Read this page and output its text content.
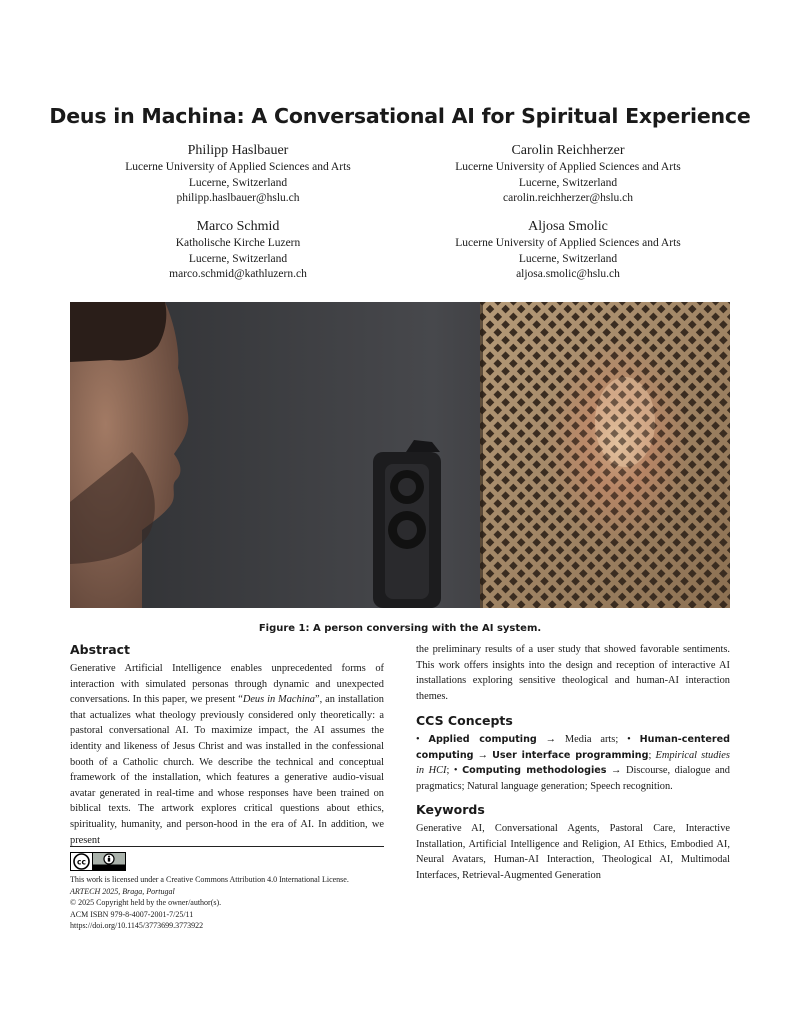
Deus in Machina: A Conversational AI for Spiritual Experience
Philipp Haslbauer
Lucerne University of Applied Sciences and Arts
Lucerne, Switzerland
philipp.haslbauer@hslu.ch
Carolin Reichherzer
Lucerne University of Applied Sciences and Arts
Lucerne, Switzerland
carolin.reichherzer@hslu.ch
Marco Schmid
Katholische Kirche Luzern
Lucerne, Switzerland
marco.schmid@kathluzern.ch
Aljosa Smolic
Lucerne University of Applied Sciences and Arts
Lucerne, Switzerland
aljosa.smolic@hslu.ch
Figure 1: A person conversing with the AI system.
Abstract
Generative Artificial Intelligence enables unprecedented forms of interaction with simulated personas through dynamic and unexpected conversations. In this paper, we present “Deus in Machina”, an installation that actualizes what theology previously considered only theoretically: a pastoral conversational AI. To maximize impact, the AI assumes the identity and likeness of Jesus Christ and was installed in the confessional booth of a Catholic church. We describe the technical and conceptual framework of the installation, which features a generative audio-visual avatar generated in real-time and whose responses have been trained on biblical texts. The artwork explores critical questions about ethics, spirituality, humanity, and person-hood in the era of AI. In addition, we present
the preliminary results of a user study that showed favorable sentiments. This work offers insights into the design and reception of interactive AI installations exploring sensitive theological and human-AI interaction themes.
CCS Concepts
• Applied computing → Media arts; • Human-centered computing → User interface programming; Empirical studies in HCI; • Computing methodologies → Discourse, dialogue and pragmatics; Natural language generation; Speech recognition.
Keywords
Generative AI, Conversational Agents, Pastoral Care, Interactive Installation, Artificial Intelligence and Religion, AI Ethics, Embodied AI, Neural Avatars, Human-AI Interaction, Theological AI, Multimodal Interfaces, Retrieval-Augmented Generation
cc
This work is licensed under a Creative Commons Attribution 4.0 International License.
ARTECH 2025, Braga, Portugal
© 2025 Copyright held by the owner/author(s).
ACM ISBN 979-8-4007-2001-7/25/11
https://doi.org/10.1145/3773699.3773922
